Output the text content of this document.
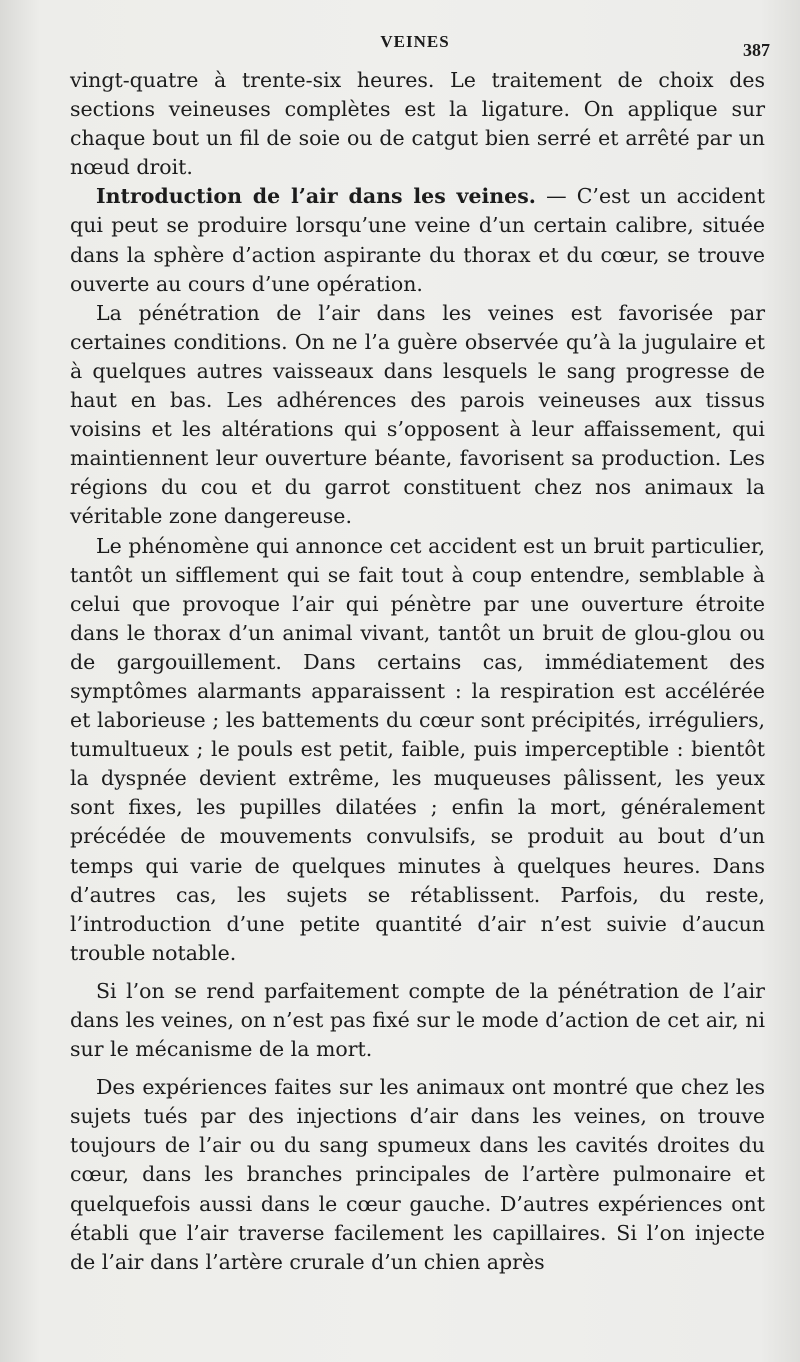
VEINES	387

vingt-quatre à trente-six heures. Le traitement de choix des sections veineuses complètes est la ligature. On applique sur chaque bout un fil de soie ou de catgut bien serré et arrêté par un nœud droit.

Introduction de l’air dans les veines. — C’est un accident qui peut se produire lorsqu’une veine d’un certain calibre, située dans la sphère d’action aspirante du thorax et du cœur, se trouve ouverte au cours d’une opération.

La pénétration de l’air dans les veines est favorisée par certaines conditions. On ne l’a guère observée qu’à la jugulaire et à quelques autres vaisseaux dans lesquels le sang progresse de haut en bas. Les adhérences des parois veineuses aux tissus voisins et les altérations qui s’opposent à leur affaissement, qui maintiennent leur ouverture béante, favorisent sa production. Les régions du cou et du garrot constituent chez nos animaux la véritable zone dangereuse.

Le phénomène qui annonce cet accident est un bruit particulier, tantôt un sifflement qui se fait tout à coup entendre, semblable à celui que provoque l’air qui pénètre par une ouverture étroite dans le thorax d’un animal vivant, tantôt un bruit de glou-glou ou de gargouillement. Dans certains cas, immédiatement des symptômes alarmants apparaissent : la respiration est accélérée et laborieuse ; les battements du cœur sont précipités, irréguliers, tumultueux ; le pouls est petit, faible, puis imperceptible : bientôt la dyspnée devient extrême, les muqueuses pâlissent, les yeux sont fixes, les pupilles dilatées ; enfin la mort, généralement précédée de mouvements convulsifs, se produit au bout d’un temps qui varie de quelques minutes à quelques heures. Dans d’autres cas, les sujets se rétablissent. Parfois, du reste, l’introduction d’une petite quantité d’air n’est suivie d’aucun trouble notable.

Si l’on se rend parfaitement compte de la pénétration de l’air dans les veines, on n’est pas fixé sur le mode d’action de cet air, ni sur le mécanisme de la mort.

Des expériences faites sur les animaux ont montré que chez les sujets tués par des injections d’air dans les veines, on trouve toujours de l’air ou du sang spumeux dans les cavités droites du cœur, dans les branches principales de l’artère pulmonaire et quelquefois aussi dans le cœur gauche. D’autres expériences ont établi que l’air traverse facilement les capillaires. Si l’on injecte de l’air dans l’artère crurale d’un chien après
